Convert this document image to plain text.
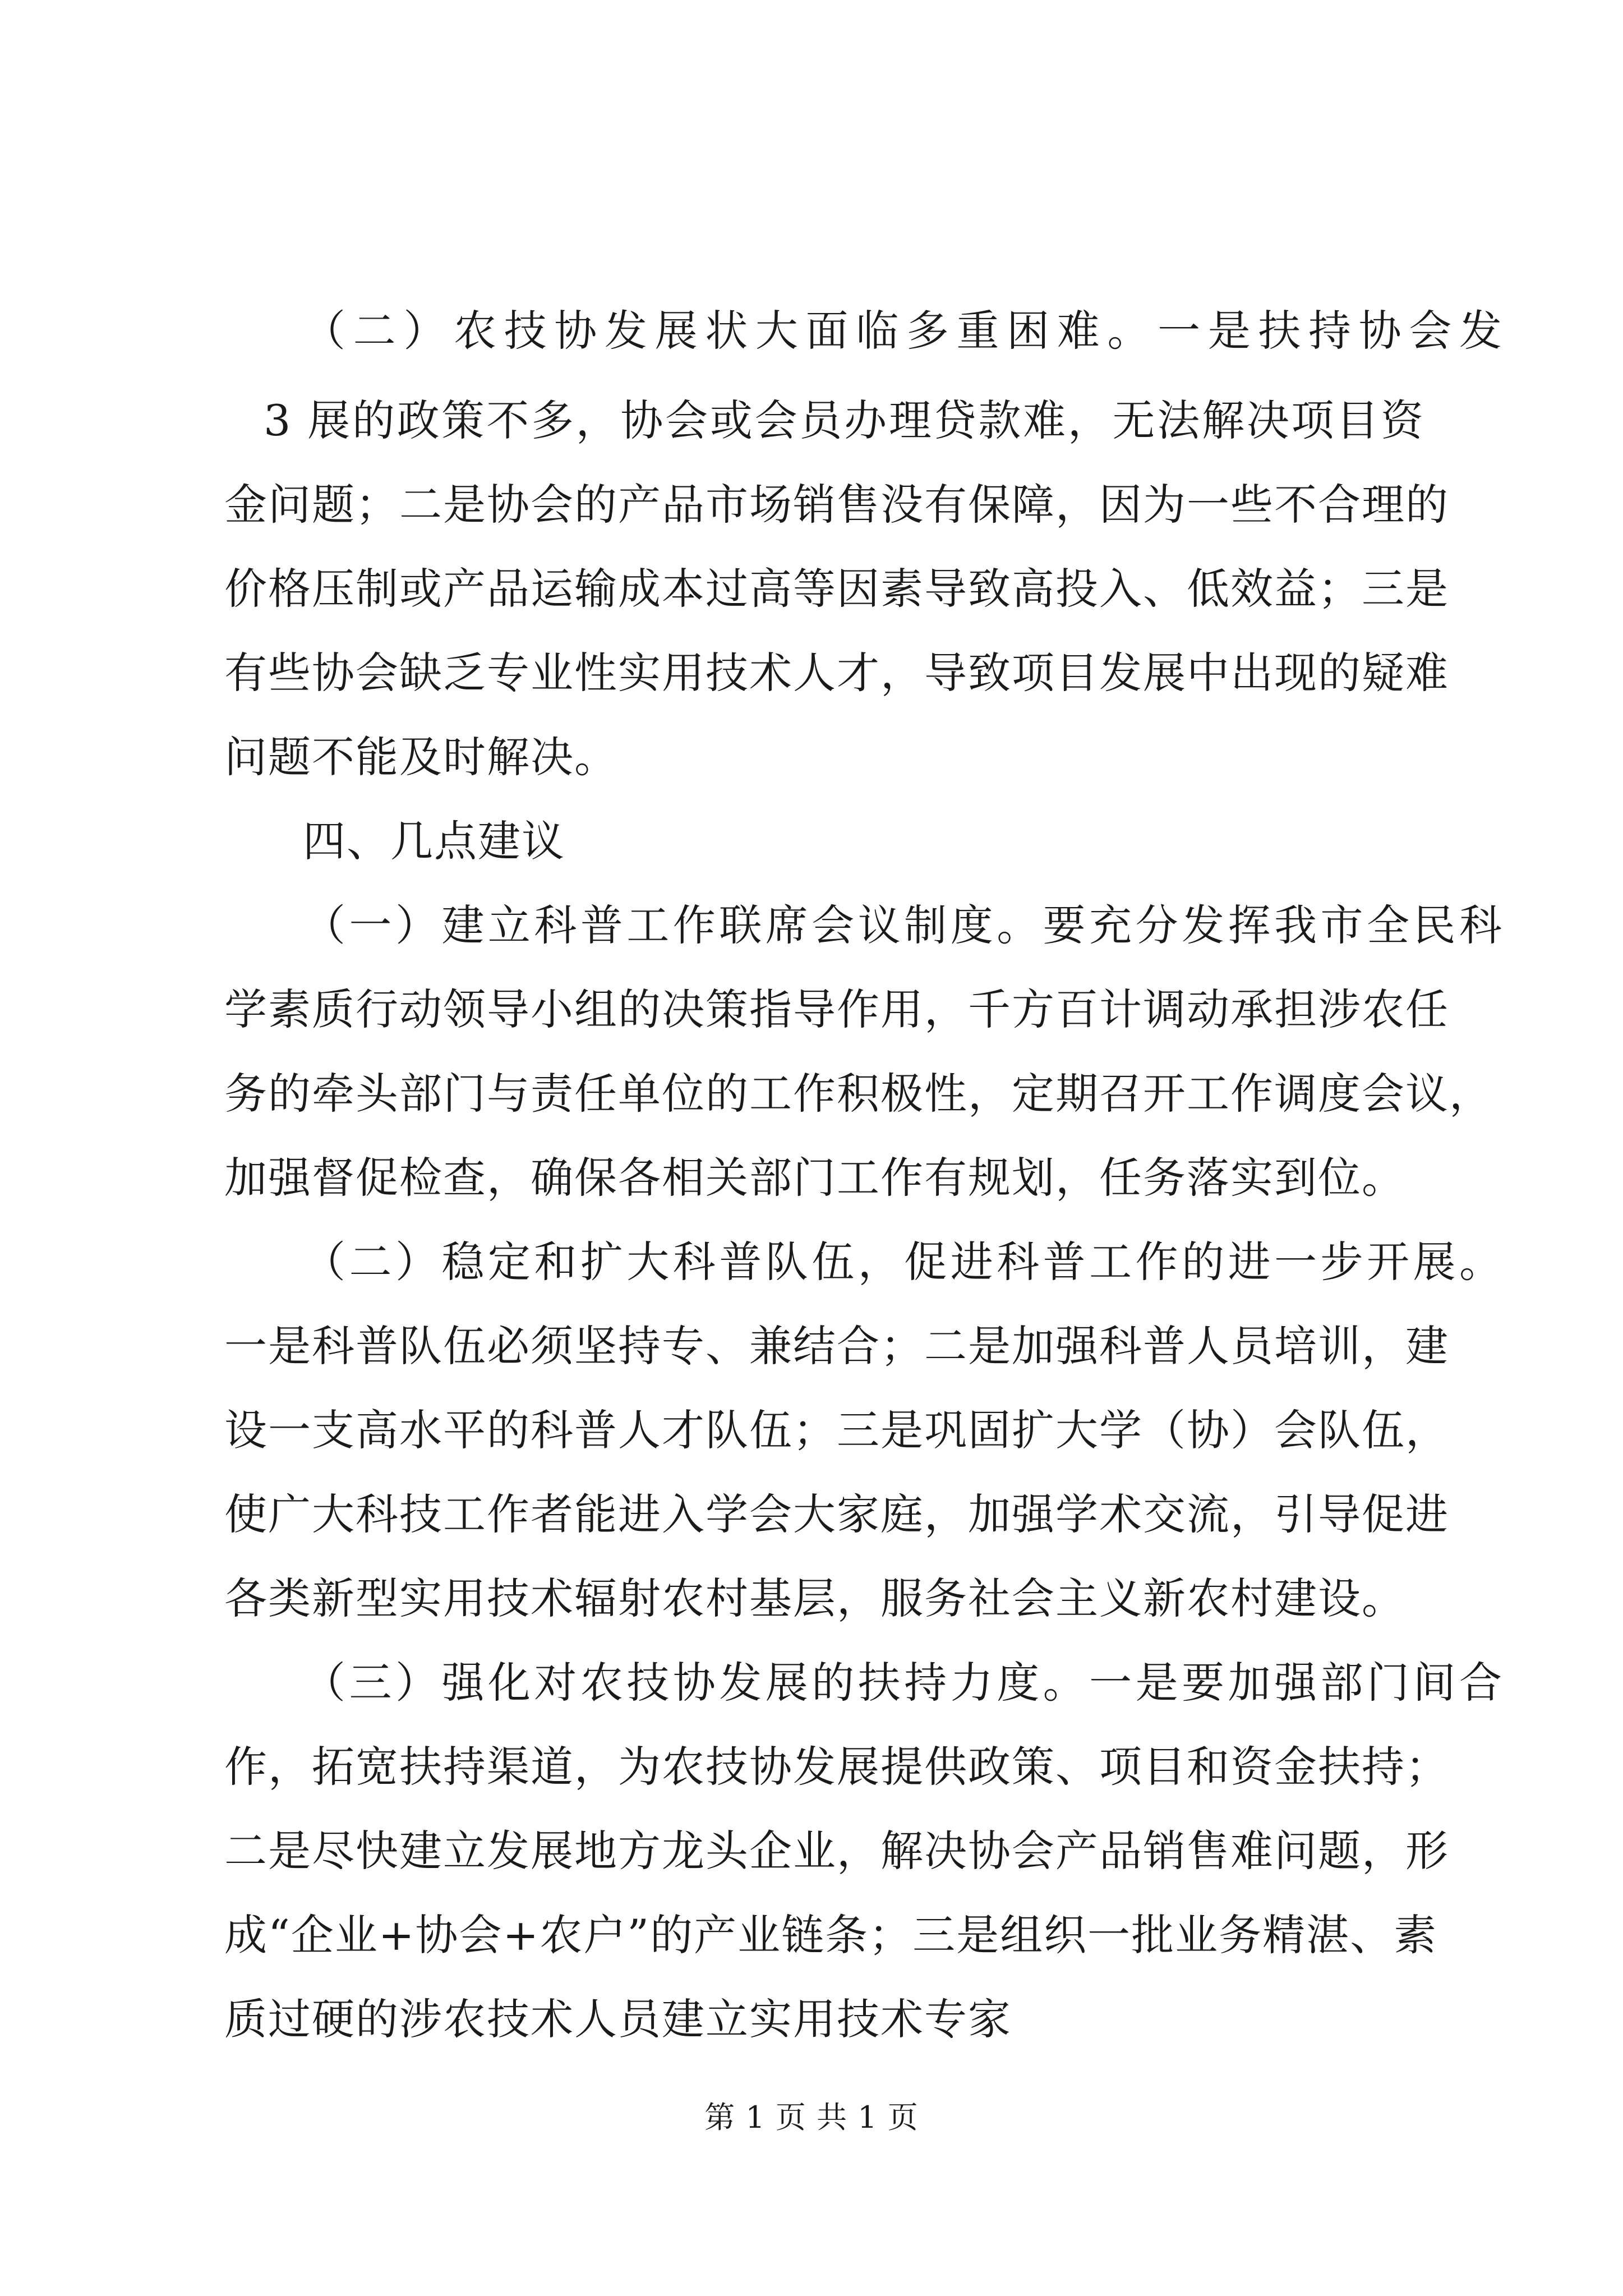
（二）农技协发展状大面临多重困难。一是扶持协会发
3 展的政策不多，协会或会员办理贷款难，无法解决项目资
金问题；二是协会的产品市场销售没有保障，因为一些不合理的
价格压制或产品运输成本过高等因素导致高投入、低效益；三是
有些协会缺乏专业性实用技术人才，导致项目发展中出现的疑难
问题不能及时解决。
四、几点建议
（一）建立科普工作联席会议制度。要充分发挥我市全民科
学素质行动领导小组的决策指导作用，千方百计调动承担涉农任
务的牵头部门与责任单位的工作积极性，定期召开工作调度会议，
加强督促检查，确保各相关部门工作有规划，任务落实到位。
（二）稳定和扩大科普队伍，促进科普工作的进一步开展。
一是科普队伍必须坚持专、兼结合；二是加强科普人员培训，建
设一支高水平的科普人才队伍；三是巩固扩大学（协）会队伍，
使广大科技工作者能进入学会大家庭，加强学术交流，引导促进
各类新型实用技术辐射农村基层，服务社会主义新农村建设。
（三）强化对农技协发展的扶持力度。一是要加强部门间合
作，拓宽扶持渠道，为农技协发展提供政策、项目和资金扶持；
二是尽快建立发展地方龙头企业，解决协会产品销售难问题，形
成“企业+协会+农户”的产业链条；三是组织一批业务精湛、素
质过硬的涉农技术人员建立实用技术专家
第 1 页 共 1 页
